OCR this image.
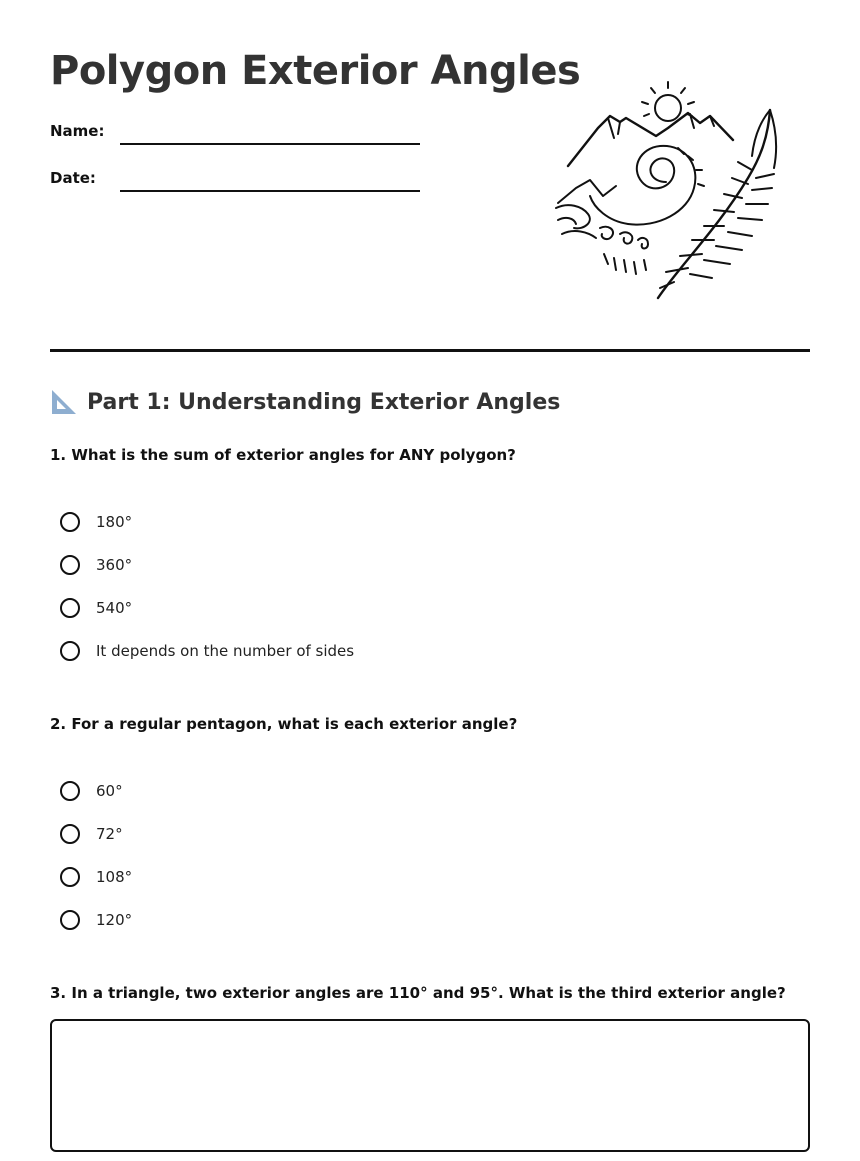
Polygon Exterior Angles
Name:
Date:
Part 1: Understanding Exterior Angles
1. What is the sum of exterior angles for ANY polygon?
180°
360°
540°
It depends on the number of sides
2. For a regular pentagon, what is each exterior angle?
60°
72°
108°
120°
3. In a triangle, two exterior angles are 110° and 95°. What is the third exterior angle?
